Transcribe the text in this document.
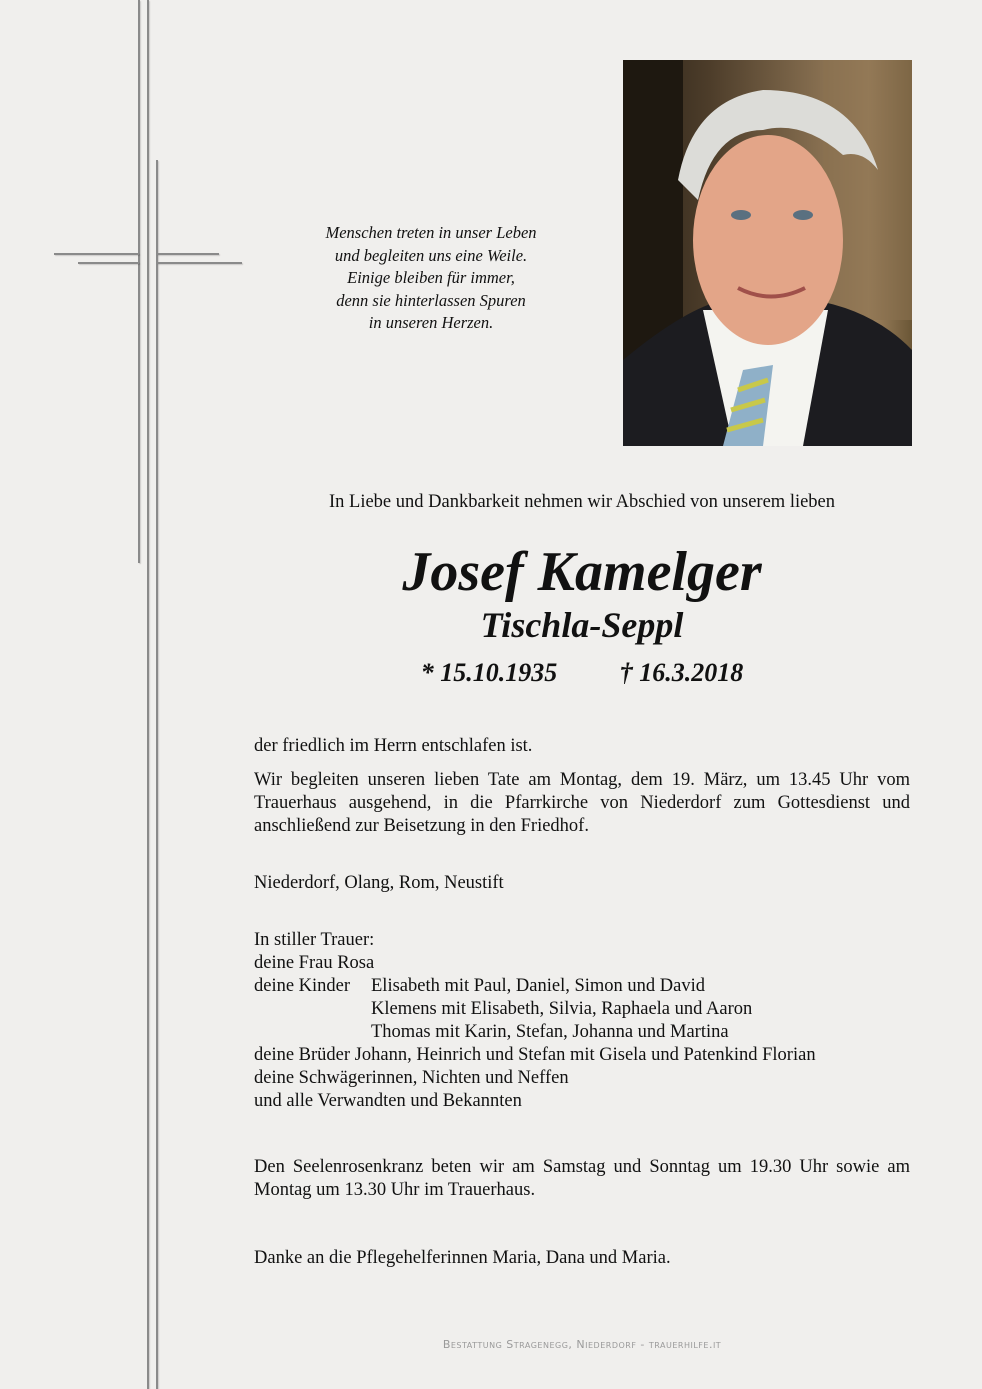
Menschen treten in unser Leben
und begleiten uns eine Weile.
Einige bleiben für immer,
denn sie hinterlassen Spuren
in unseren Herzen.
In Liebe und Dankbarkeit nehmen wir Abschied von unserem lieben
Josef Kamelger
Tischla-Seppl
* 15.10.1935 † 16.3.2018
der friedlich im Herrn entschlafen ist.
Wir begleiten unseren lieben Tate am Montag, dem 19. März, um 13.45 Uhr vom Trauerhaus ausgehend, in die Pfarrkirche von Niederdorf zum Gottesdienst und anschließend zur Beisetzung in den Friedhof.
Niederdorf, Olang, Rom, Neustift
In stiller Trauer:
deine Frau Rosa
deine Kinder	Elisabeth mit Paul, Daniel, Simon und David
Klemens mit Elisabeth, Silvia, Raphaela und Aaron
Thomas mit Karin, Stefan, Johanna und Martina
deine Brüder Johann, Heinrich und Stefan mit Gisela und Patenkind Florian
deine Schwägerinnen, Nichten und Neffen
und alle Verwandten und Bekannten
Den Seelenrosenkranz beten wir am Samstag und Sonntag um 19.30 Uhr sowie am Montag um 13.30 Uhr im Trauerhaus.
Danke an die Pflegehelferinnen Maria, Dana und Maria.
Bestattung Stragenegg, Niederdorf - trauerhilfe.it
